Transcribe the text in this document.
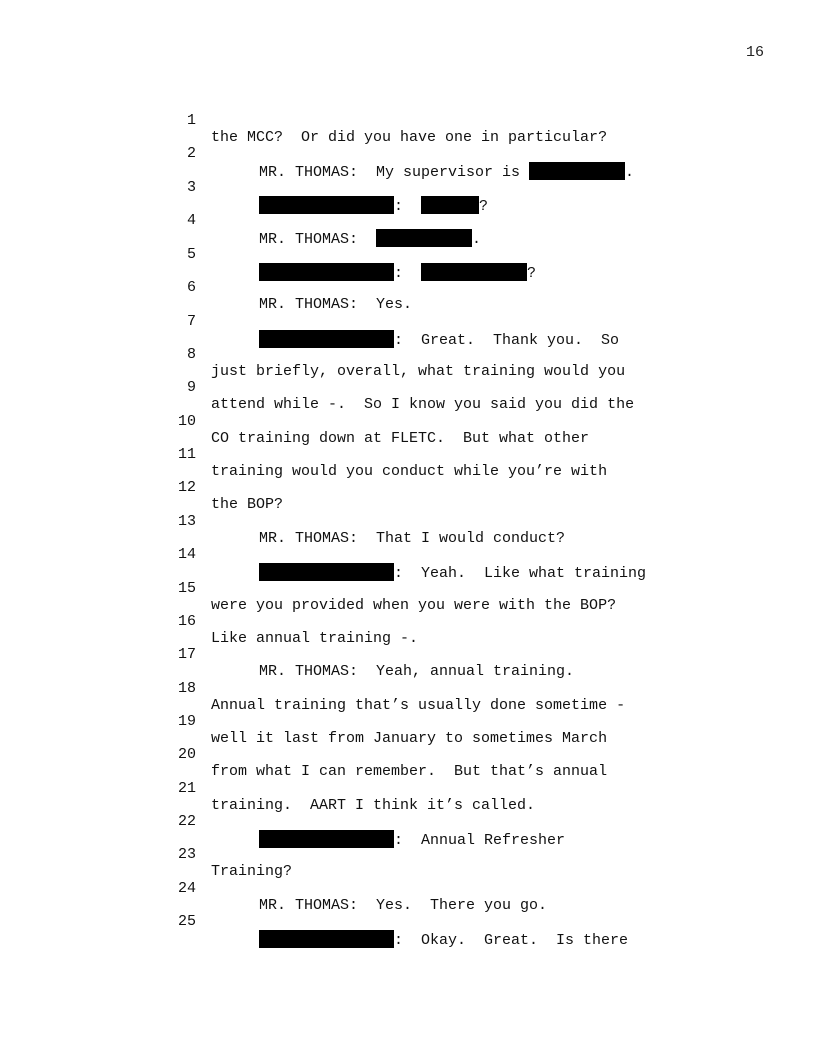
16

1

the MCC?  Or did you have one in particular?

2

MR. THOMAS:  My supervisor is	.

3

:	?

4

MR. THOMAS:	.

5

:	?

6

MR. THOMAS:  Yes.

7

:  Great.  Thank you.  So

8

just briefly, overall, what training would you

9

attend while -.  So I know you said you did the

10

CO training down at FLETC.  But what other

11

training would you conduct while you’re with

12

the BOP?

13

MR. THOMAS:  That I would conduct?

14

:  Yeah.  Like what training

15

were you provided when you were with the BOP?

16

Like annual training -.

17

MR. THOMAS:  Yeah, annual training.

18

Annual training that’s usually done sometime -

19

well it last from January to sometimes March

20

from what I can remember.  But that’s annual

21

training.  AART I think it’s called.

22

:  Annual Refresher

23

Training?

24

MR. THOMAS:  Yes.  There you go.

25

:  Okay.  Great.  Is there
